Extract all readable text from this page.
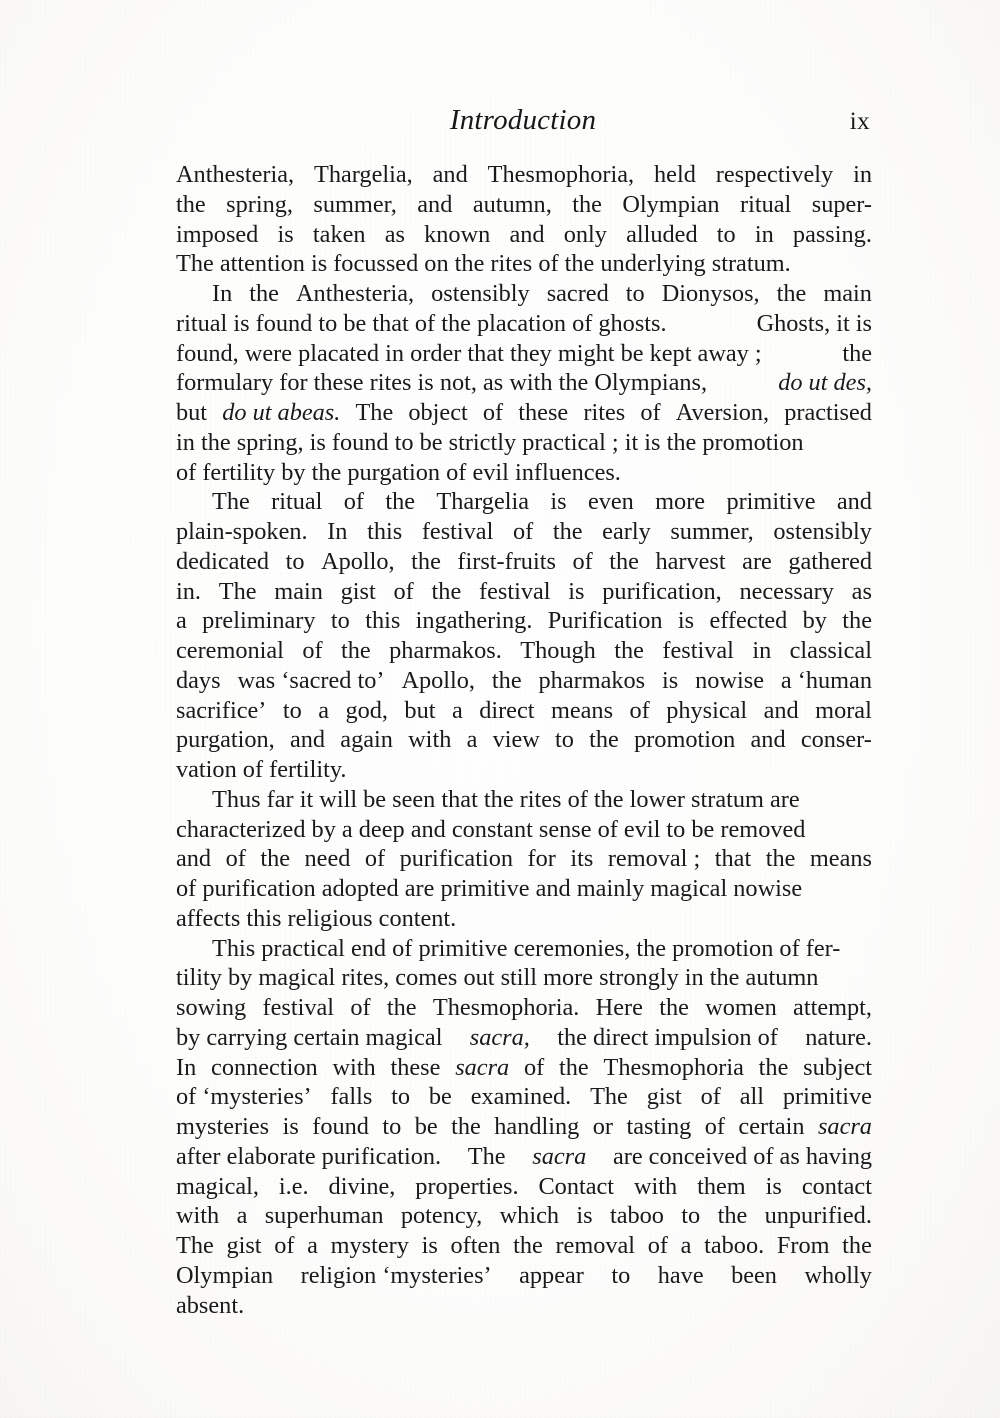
Introduction	ix
Anthesteria, Thargelia, and Thesmophoria, held respectively in
the spring, summer, and autumn, the Olympian ritual super-
imposed is taken as known and only alluded to in passing.
The attention is focussed on the rites of the underlying stratum.
In the Anthesteria, ostensibly sacred to Dionysos, the main
ritual is found to be that of the placation of ghosts.	Ghosts, it is
found, were placated in order that they might be kept away ;	the
formulary for these rites is not, as with the Olympians,	do ut des,
but do ut abeas. The object of these rites of Aversion, practised
in the spring, is found to be strictly practical ; it is the promotion
of fertility by the purgation of evil influences.
The ritual of the Thargelia is even more primitive and
plain-spoken. In this festival of the early summer, ostensibly
dedicated to Apollo, the first-fruits of the harvest are gathered
in. The main gist of the festival is purification, necessary as
a preliminary to this ingathering. Purification is effected by the
ceremonial of the pharmakos. Though the festival in classical
days was ‘sacred to’ Apollo, the pharmakos is nowise a ‘human
sacrifice’ to a god, but a direct means of physical and moral
purgation, and again with a view to the promotion and conser-
vation of fertility.
Thus far it will be seen that the rites of the lower stratum are
characterized by a deep and constant sense of evil to be removed
and of the need of purification for its removal ; that the means
of purification adopted are primitive and mainly magical nowise
affects this religious content.
This practical end of primitive ceremonies, the promotion of fer-
tility by magical rites, comes out still more strongly in the autumn
sowing festival of the Thesmophoria. Here the women attempt,
by carrying certain magical sacra, the direct impulsion of nature.
In connection with these sacra of the Thesmophoria the subject
of ‘mysteries’ falls to be examined. The gist of all primitive
mysteries is found to be the handling or tasting of certain sacra
after elaborate purification. The sacra are conceived of as having
magical, i.e. divine, properties. Contact with them is contact
with a superhuman potency, which is taboo to the unpurified.
The gist of a mystery is often the removal of a taboo. From the
Olympian religion ‘mysteries’ appear to have been wholly
absent.
